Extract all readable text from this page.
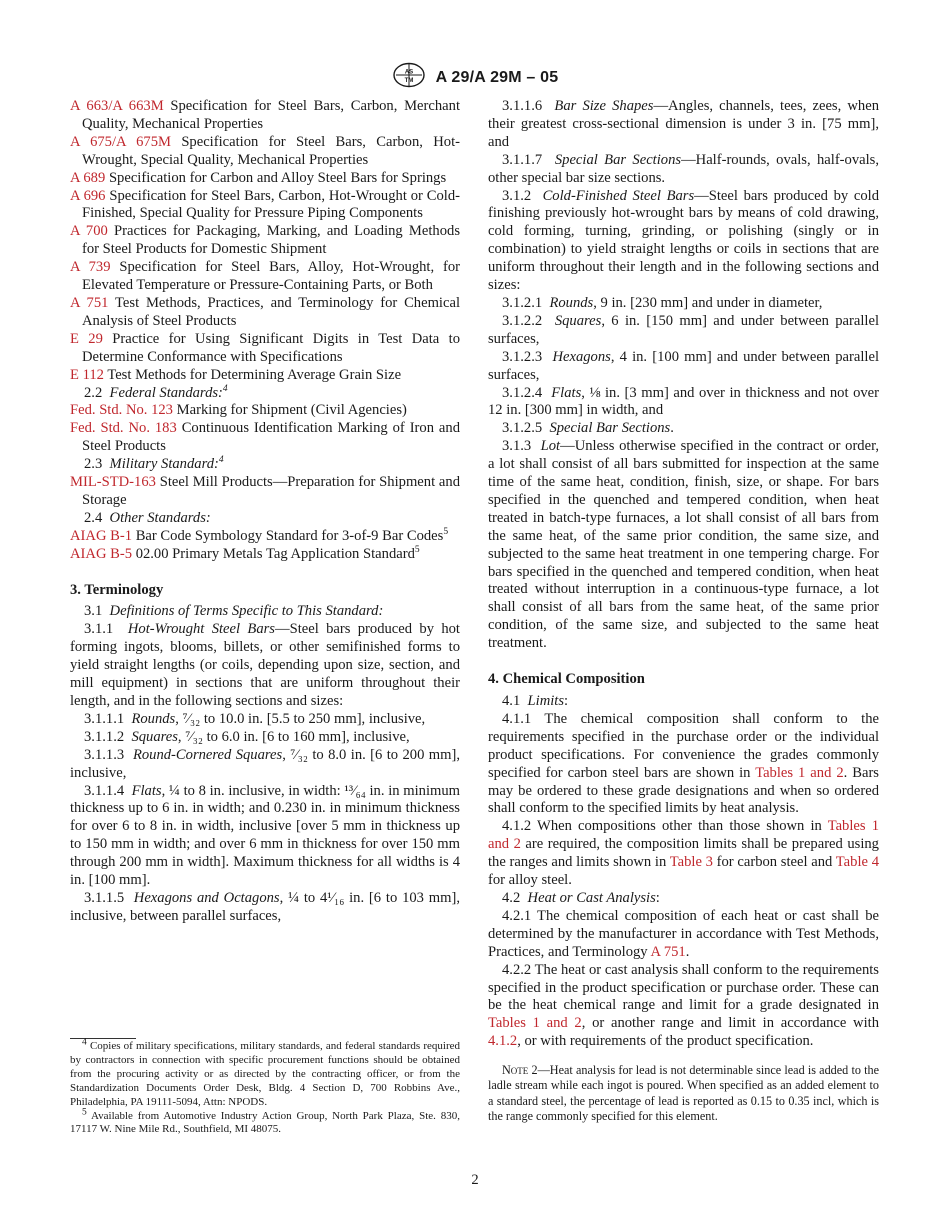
AS
TM A 29/A 29M – 05

A 663/A 663M Specification for Steel Bars, Carbon, Merchant Quality, Mechanical Properties

A 675/A 675M Specification for Steel Bars, Carbon, Hot-Wrought, Special Quality, Mechanical Properties

A 689 Specification for Carbon and Alloy Steel Bars for Springs

A 696 Specification for Steel Bars, Carbon, Hot-Wrought or Cold-Finished, Special Quality for Pressure Piping Components

A 700 Practices for Packaging, Marking, and Loading Methods for Steel Products for Domestic Shipment

A 739 Specification for Steel Bars, Alloy, Hot-Wrought, for Elevated Temperature or Pressure-Containing Parts, or Both

A 751 Test Methods, Practices, and Terminology for Chemical Analysis of Steel Products

E 29 Practice for Using Significant Digits in Test Data to Determine Conformance with Specifications

E 112 Test Methods for Determining Average Grain Size

2.2 Federal Standards:$^4$

Fed. Std. No. 123 Marking for Shipment (Civil Agencies)

Fed. Std. No. 183 Continuous Identification Marking of Iron and Steel Products

2.3 Military Standard:$^4$

MIL-STD-163 Steel Mill Products—Preparation for Shipment and Storage

2.4 Other Standards:

AIAG B-1 Bar Code Symbology Standard for 3-of-9 Bar Codes$^5$

AIAG B-5 02.00 Primary Metals Tag Application Standard$^5$

3. Terminology

3.1 Definitions of Terms Specific to This Standard:

3.1.1 Hot-Wrought Steel Bars—Steel bars produced by hot forming ingots, blooms, billets, or other semifinished forms to yield straight lengths (or coils, depending upon size, section, and mill equipment) in sections that are uniform throughout their length, and in the following sections and sizes:

3.1.1.1 Rounds, ⁷⁄₃₂ to 10.0 in. [5.5 to 250 mm], inclusive,

3.1.1.2 Squares, ⁷⁄₃₂ to 6.0 in. [6 to 160 mm], inclusive,

3.1.1.3 Round-Cornered Squares, ⁷⁄₃₂ to 8.0 in. [6 to 200 mm], inclusive,

3.1.1.4 Flats, ¼ to 8 in. inclusive, in width: ¹³⁄₆₄ in. in minimum thickness up to 6 in. in width; and 0.230 in. in minimum thickness for over 6 to 8 in. in width, inclusive [over 5 mm in thickness up to 150 mm in width; and over 6 mm in thickness for over 150 mm through 200 mm in width]. Maximum thickness for all widths is 4 in. [100 mm].

3.1.1.5 Hexagons and Octagons, ¼ to 4¹⁄₁₆ in. [6 to 103 mm], inclusive, between parallel surfaces,

4 Copies of military specifications, military standards, and federal standards required by contractors in connection with specific procurement functions should be obtained from the procuring activity or as directed by the contracting officer, or from the Standardization Documents Order Desk, Bldg. 4 Section D, 700 Robbins Ave., Philadelphia, PA 19111-5094, Attn: NPODS.

5 Available from Automotive Industry Action Group, North Park Plaza, Ste. 830, 17117 W. Nine Mile Rd., Southfield, MI 48075.

3.1.1.6 Bar Size Shapes—Angles, channels, tees, zees, when their greatest cross-sectional dimension is under 3 in. [75 mm], and

3.1.1.7 Special Bar Sections—Half-rounds, ovals, half-ovals, other special bar size sections.

3.1.2 Cold-Finished Steel Bars—Steel bars produced by cold finishing previously hot-wrought bars by means of cold drawing, cold forming, turning, grinding, or polishing (singly or in combination) to yield straight lengths or coils in sections that are uniform throughout their length and in the following sections and sizes:

3.1.2.1 Rounds, 9 in. [230 mm] and under in diameter,

3.1.2.2 Squares, 6 in. [150 mm] and under between parallel surfaces,

3.1.2.3 Hexagons, 4 in. [100 mm] and under between parallel surfaces,

3.1.2.4 Flats, ⅛ in. [3 mm] and over in thickness and not over 12 in. [300 mm] in width, and

3.1.2.5 Special Bar Sections.

3.1.3 Lot—Unless otherwise specified in the contract or order, a lot shall consist of all bars submitted for inspection at the same time of the same heat, condition, finish, size, or shape. For bars specified in the quenched and tempered condition, when heat treated in batch-type furnaces, a lot shall consist of all bars from the same heat, of the same prior condition, the same size, and subjected to the same heat treatment in one tempering charge. For bars specified in the quenched and tempered condition, when heat treated without interruption in a continuous-type furnace, a lot shall consist of all bars from the same heat, of the same prior condition, of the same size, and subjected to the same heat treatment.

4. Chemical Composition

4.1 Limits:

4.1.1 The chemical composition shall conform to the requirements specified in the purchase order or the individual product specifications. For convenience the grades commonly specified for carbon steel bars are shown in Tables 1 and 2. Bars may be ordered to these grade designations and when so ordered shall conform to the specified limits by heat analysis.

4.1.2 When compositions other than those shown in Tables 1 and 2 are required, the composition limits shall be prepared using the ranges and limits shown in Table 3 for carbon steel and Table 4 for alloy steel.

4.2 Heat or Cast Analysis:

4.2.1 The chemical composition of each heat or cast shall be determined by the manufacturer in accordance with Test Methods, Practices, and Terminology A 751.

4.2.2 The heat or cast analysis shall conform to the requirements specified in the product specification or purchase order. These can be the heat chemical range and limit for a grade designated in Tables 1 and 2, or another range and limit in accordance with 4.1.2, or with requirements of the product specification.

Note 2—Heat analysis for lead is not determinable since lead is added to the ladle stream while each ingot is poured. When specified as an added element to a standard steel, the percentage of lead is reported as 0.15 to 0.35 incl, which is the range commonly specified for this element.

2
